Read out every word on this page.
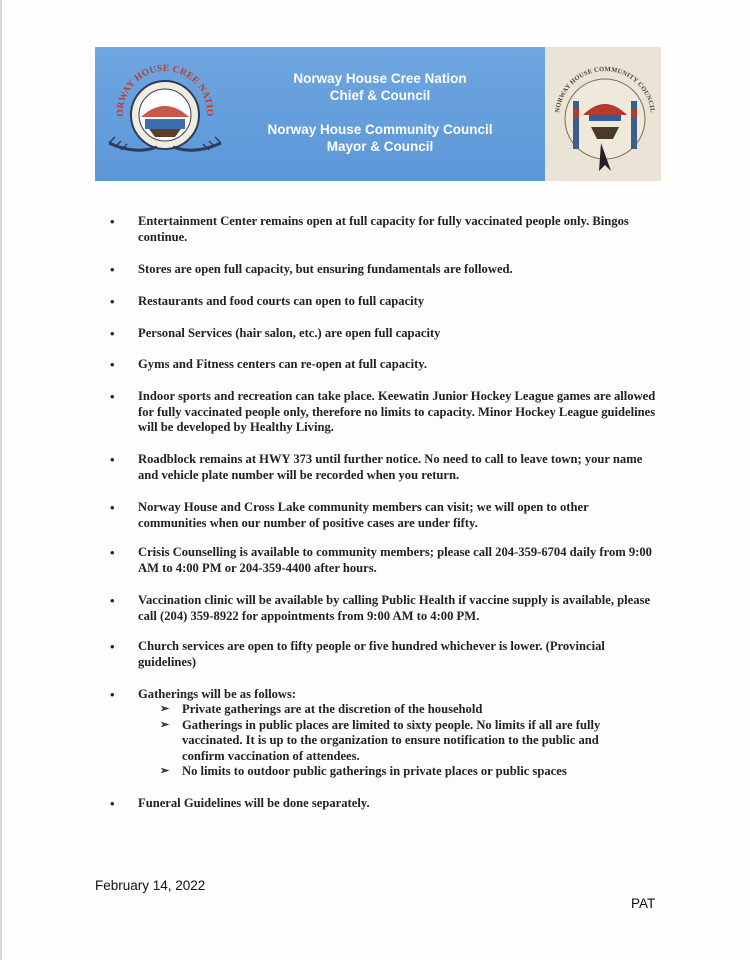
ORWAY HOUSE CREE NATIO
Norway House Cree Nation
Chief & Council
Norway House Community Council
Mayor & Council
NORWAY HOUSE COMMUNITY COUNCIL
•	Entertainment Center remains open at full capacity for fully vaccinated people only. Bingos continue.
•	Stores are open full capacity, but ensuring fundamentals are followed.
•	Restaurants and food courts can open to full capacity
•	Personal Services (hair salon, etc.) are open full capacity
•	Gyms and Fitness centers can re-open at full capacity.
•	Indoor sports and recreation can take place. Keewatin Junior Hockey League games are allowed for fully vaccinated people only, therefore no limits to capacity. Minor Hockey League guidelines will be developed by Healthy Living.
•	Roadblock remains at HWY 373 until further notice. No need to call to leave town; your name and vehicle plate number will be recorded when you return.
•	Norway House and Cross Lake community members can visit; we will open to other communities when our number of positive cases are under fifty.
•	Crisis Counselling is available to community members; please call 204-359-6704 daily from 9:00 AM to 4:00 PM or 204-359-4400 after hours.
•	Vaccination clinic will be available by calling Public Health if vaccine supply is available, please call (204) 359-8922 for appointments from 9:00 AM to 4:00 PM.
•	Church services are open to fifty people or five hundred whichever is lower. (Provincial guidelines)
•	Gatherings will be as follows:
➢ Private gatherings are at the discretion of the household
➢ Gatherings in public places are limited to sixty people. No limits if all are fully vaccinated. It is up to the organization to ensure notification to the public and confirm vaccination of attendees.
➢ No limits to outdoor public gatherings in private places or public spaces
•	Funeral Guidelines will be done separately.
February 14, 2022
PAT
